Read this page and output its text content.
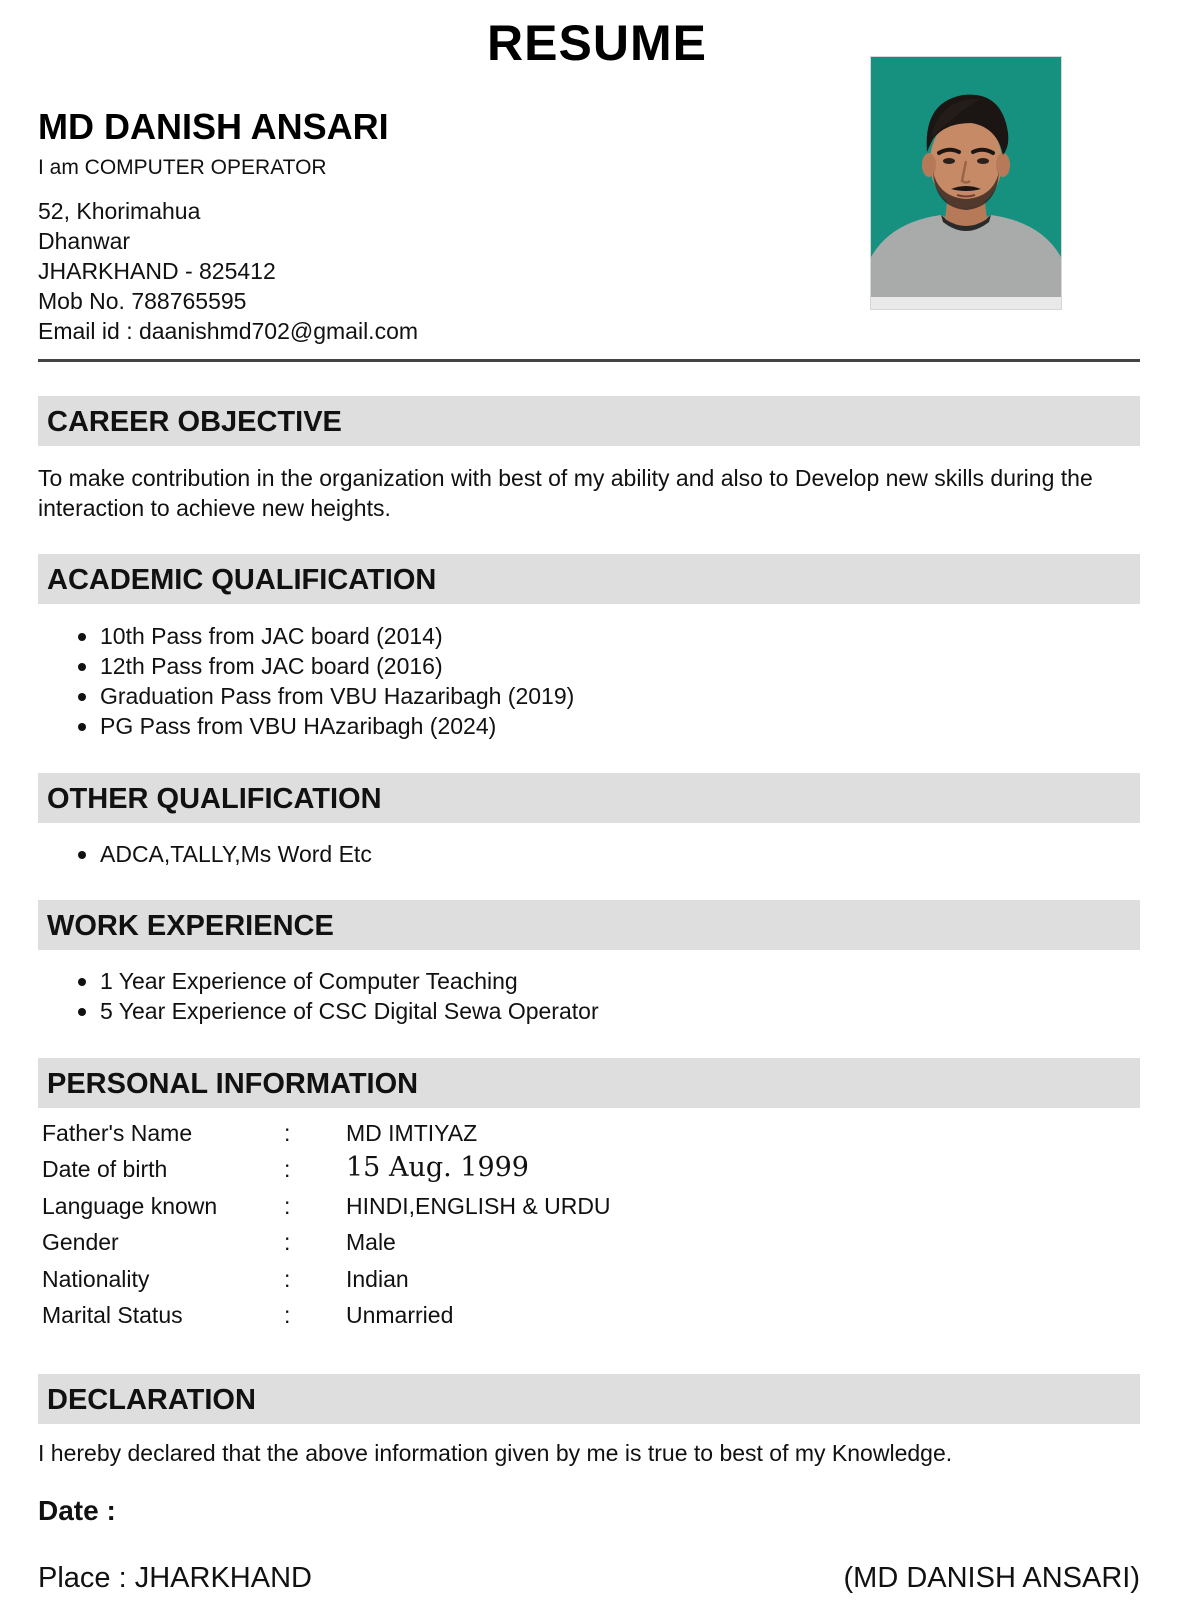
RESUME
MD DANISH ANSARI
I am COMPUTER OPERATOR
52, Khorimahua
Dhanwar
JHARKHAND - 825412
Mob No. 788765595
Email id : daanishmd702@gmail.com
CAREER OBJECTIVE
To make contribution in the organization with best of my ability and also to Develop new skills during the interaction to achieve new heights.
ACADEMIC QUALIFICATION
10th Pass from JAC board (2014)
12th Pass from JAC board (2016)
Graduation Pass from VBU Hazaribagh (2019)
PG Pass from VBU HAzaribagh (2024)
OTHER QUALIFICATION
ADCA,TALLY,Ms Word Etc
WORK EXPERIENCE
1 Year Experience of Computer Teaching
5 Year Experience of CSC Digital Sewa Operator
PERSONAL INFORMATION
Father's Name	: MD IMTIYAZ
Date of birth	: 15 Aug. 1999
Language known	: HINDI,ENGLISH & URDU
Gender	: Male
Nationality	: Indian
Marital Status	: Unmarried
DECLARATION
I hereby declared that the above information given by me is true to best of my Knowledge.
Date :
Place : JHARKHAND	(MD DANISH ANSARI)
